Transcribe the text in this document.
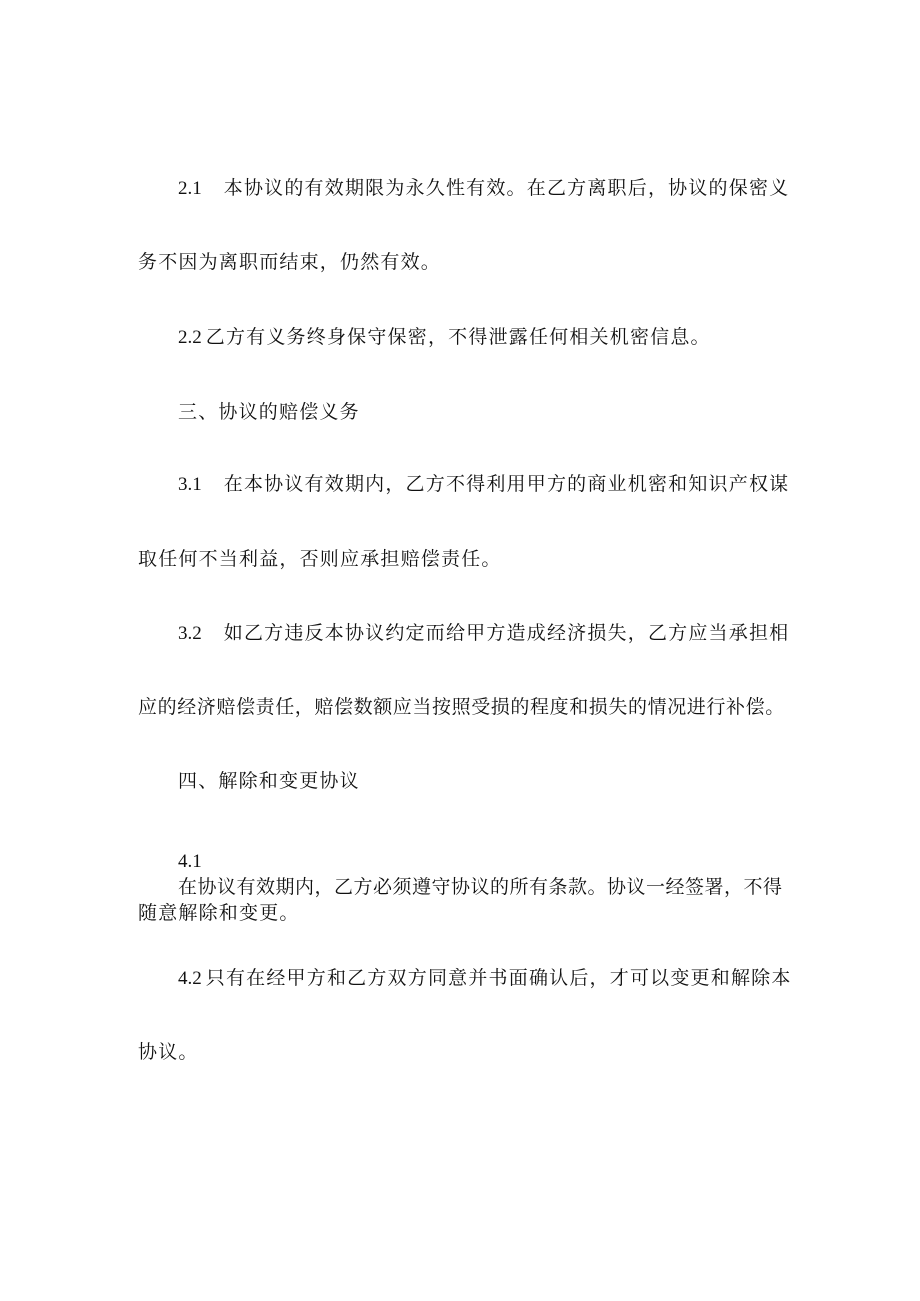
2.1 本协议的有效期限为永久性有效。在乙方离职后，协议的保密义
务不因为离职而结束，仍然有效。
2.2 乙方有义务终身保守保密，不得泄露任何相关机密信息。
三、协议的赔偿义务
3.1 在本协议有效期内，乙方不得利用甲方的商业机密和知识产权谋
取任何不当利益，否则应承担赔偿责任。
3.2 如乙方违反本协议约定而给甲方造成经济损失，乙方应当承担相
应的经济赔偿责任，赔偿数额应当按照受损的程度和损失的情况进行补偿。
四、解除和变更协议
4.1
在协议有效期内，乙方必须遵守协议的所有条款。协议一经签署，不得
随意解除和变更。
4.2 只有在经甲方和乙方双方同意并书面确认后，才可以变更和解除本
协议。
